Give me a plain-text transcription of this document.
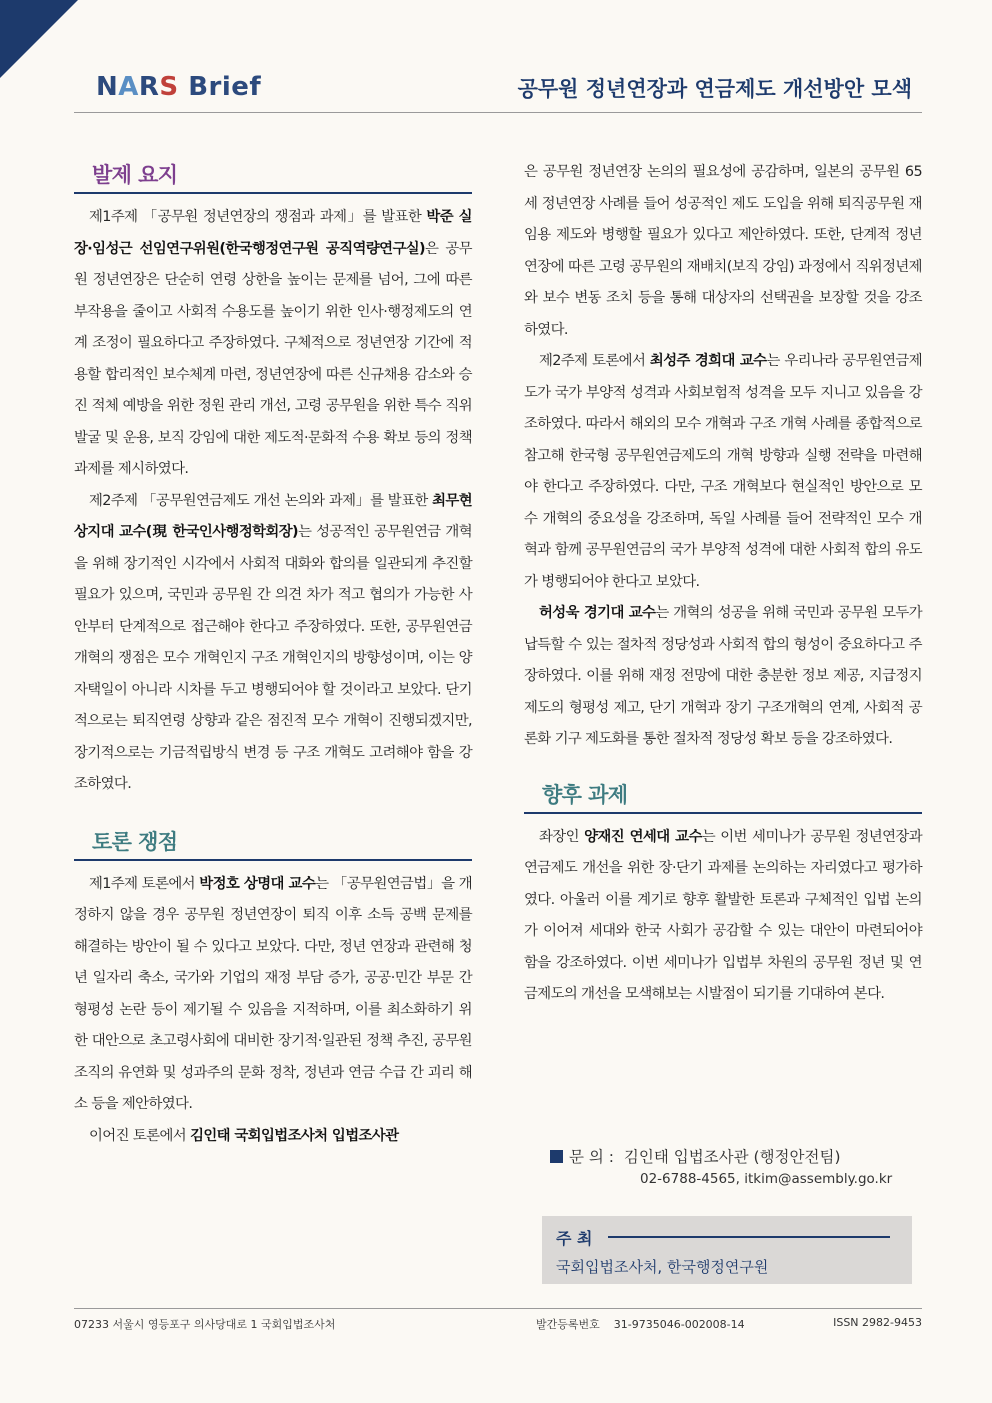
NARS Brief	공무원 정년연장과 연금제도 개선방안 모색
발제 요지

제1주제 「공무원 정년연장의 쟁점과 과제」를 발표한 박준 실장·임성근 선임연구위원(한국행정연구원 공직역량연구실)은 공무원 정년연장은 단순히 연령 상한을 높이는 문제를 넘어, 그에 따른 부작용을 줄이고 사회적 수용도를 높이기 위한 인사·행정제도의 연계 조정이 필요하다고 주장하였다. 구체적으로 정년연장 기간에 적용할 합리적인 보수체계 마련, 정년연장에 따른 신규채용 감소와 승진 적체 예방을 위한 정원 관리 개선, 고령 공무원을 위한 특수 직위 발굴 및 운용, 보직 강임에 대한 제도적·문화적 수용 확보 등의 정책 과제를 제시하였다.

제2주제 「공무원연금제도 개선 논의와 과제」를 발표한 최무현 상지대 교수(現 한국인사행정학회장)는 성공적인 공무원연금 개혁을 위해 장기적인 시각에서 사회적 대화와 합의를 일관되게 추진할 필요가 있으며, 국민과 공무원 간 의견 차가 적고 협의가 가능한 사안부터 단계적으로 접근해야 한다고 주장하였다. 또한, 공무원연금 개혁의 쟁점은 모수 개혁인지 구조 개혁인지의 방향성이며, 이는 양자택일이 아니라 시차를 두고 병행되어야 할 것이라고 보았다. 단기적으로는 퇴직연령 상향과 같은 점진적 모수 개혁이 진행되겠지만, 장기적으로는 기금적립방식 변경 등 구조 개혁도 고려해야 함을 강조하였다.

토론 쟁점

제1주제 토론에서 박정호 상명대 교수는 「공무원연금법」을 개정하지 않을 경우 공무원 정년연장이 퇴직 이후 소득 공백 문제를 해결하는 방안이 될 수 있다고 보았다. 다만, 정년 연장과 관련해 청년 일자리 축소, 국가와 기업의 재정 부담 증가, 공공·민간 부문 간 형평성 논란 등이 제기될 수 있음을 지적하며, 이를 최소화하기 위한 대안으로 초고령사회에 대비한 장기적·일관된 정책 추진, 공무원 조직의 유연화 및 성과주의 문화 정착, 정년과 연금 수급 간 괴리 해소 등을 제안하였다.

이어진 토론에서 김인태 국회입법조사처 입법조사관

은 공무원 정년연장 논의의 필요성에 공감하며, 일본의 공무원 65세 정년연장 사례를 들어 성공적인 제도 도입을 위해 퇴직공무원 재임용 제도와 병행할 필요가 있다고 제안하였다. 또한, 단계적 정년 연장에 따른 고령 공무원의 재배치(보직 강임) 과정에서 직위정년제와 보수 변동 조치 등을 통해 대상자의 선택권을 보장할 것을 강조하였다.

제2주제 토론에서 최성주 경희대 교수는 우리나라 공무원연금제도가 국가 부양적 성격과 사회보험적 성격을 모두 지니고 있음을 강조하였다. 따라서 해외의 모수 개혁과 구조 개혁 사례를 종합적으로 참고해 한국형 공무원연금제도의 개혁 방향과 실행 전략을 마련해야 한다고 주장하였다. 다만, 구조 개혁보다 현실적인 방안으로 모수 개혁의 중요성을 강조하며, 독일 사례를 들어 전략적인 모수 개혁과 함께 공무원연금의 국가 부양적 성격에 대한 사회적 합의 유도가 병행되어야 한다고 보았다.

허성욱 경기대 교수는 개혁의 성공을 위해 국민과 공무원 모두가 납득할 수 있는 절차적 정당성과 사회적 합의 형성이 중요하다고 주장하였다. 이를 위해 재정 전망에 대한 충분한 정보 제공, 지급정지제도의 형평성 제고, 단기 개혁과 장기 구조개혁의 연계, 사회적 공론화 기구 제도화를 통한 절차적 정당성 확보 등을 강조하였다.

향후 과제

좌장인 양재진 연세대 교수는 이번 세미나가 공무원 정년연장과 연금제도 개선을 위한 장·단기 과제를 논의하는 자리였다고 평가하였다. 아울러 이를 계기로 향후 활발한 토론과 구체적인 입법 논의가 이어져 세대와 한국 사회가 공감할 수 있는 대안이 마련되어야 함을 강조하였다. 이번 세미나가 입법부 차원의 공무원 정년 및 연금제도의 개선을 모색해보는 시발점이 되기를 기대하여 본다.

문 의 : 김인태 입법조사관 (행정안전팀)
02-6788-4565, itkim@assembly.go.kr
주 최
국회입법조사처, 한국행정연구원
07233 서울시 영등포구 의사당대로 1 국회입법조사처	발간등록번호 31-9735046-002008-14	ISSN 2982-9453
